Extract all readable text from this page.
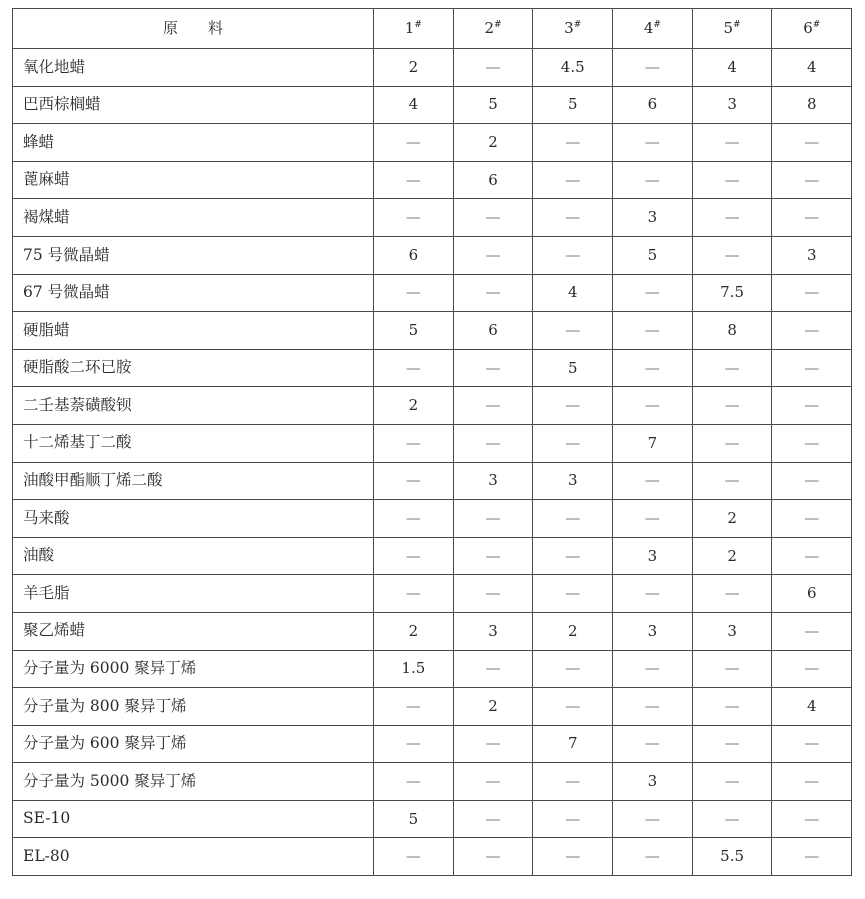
原料	1#	2#	3#	4#	5#	6#
氧化地蜡	2	—	4.5	—	4	4
巴西棕榈蜡	4	5	5	6	3	8
蜂蜡	—	2	—	—	—	—
蓖麻蜡	—	6	—	—	—	—
褐煤蜡	—	—	—	3	—	—
75 号微晶蜡	6	—	—	5	—	3
67 号微晶蜡	—	—	4	—	7.5	—
硬脂蜡	5	6	—	—	8	—
硬脂酸二环已胺	—	—	5	—	—	—
二壬基萘磺酸钡	2	—	—	—	—	—
十二烯基丁二酸	—	—	—	7	—	—
油酸甲酯顺丁烯二酸	—	3	3	—	—	—
马来酸	—	—	—	—	2	—
油酸	—	—	—	3	2	—
羊毛脂	—	—	—	—	—	6
聚乙烯蜡	2	3	2	3	3	—
分子量为 6000 聚异丁烯	1.5	—	—	—	—	—
分子量为 800 聚异丁烯	—	2	—	—	—	4
分子量为 600 聚异丁烯	—	—	7	—	—	—
分子量为 5000 聚异丁烯	—	—	—	3	—	—
SE-10	5	—	—	—	—	—
EL-80	—	—	—	—	5.5	—
